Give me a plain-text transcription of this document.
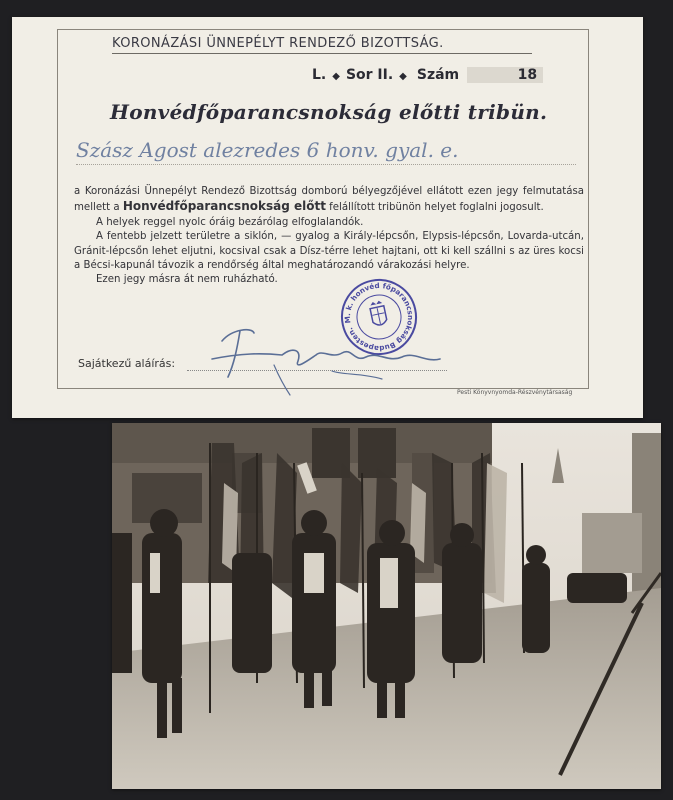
KORONÁZÁSI ÜNNEPÉLYT RENDEZŐ BIZOTTSÁG.
L. ◆ Sor II. ◆ Szám	18
Honvédfőparancsnokság előtti tribün.
Szász Agost alezredes 6 honv. gyal. e.

a Koronázási Ünnepélyt Rendező Bizottság domború bélyegzőjével ellátott ezen jegy felmutatása mellett a Honvédfőparancsnokság előtt felállított tribünön helyet foglalni jogosult.

A helyek reggel nyolc óráig bezárólag elfoglalandók.

A fentebb jelzett területre a siklón, — gyalog a Király-lépcsőn, Elypsis-lépcsőn, Lovarda-utcán, Gránit-lépcsőn lehet eljutni, kocsival csak a Dísz-térre lehet hajtani, ott ki kell szállni s az üres kocsi a Bécsi-kapunál távozik a rendőrség által meghatározandó várakozási helyre.

Ezen jegy másra át nem ruházható.

M. k. honvéd főparancsnokság Budapesten.
Sajátkezű aláírás:
Pesti Könyvnyomda-Részvénytársaság
